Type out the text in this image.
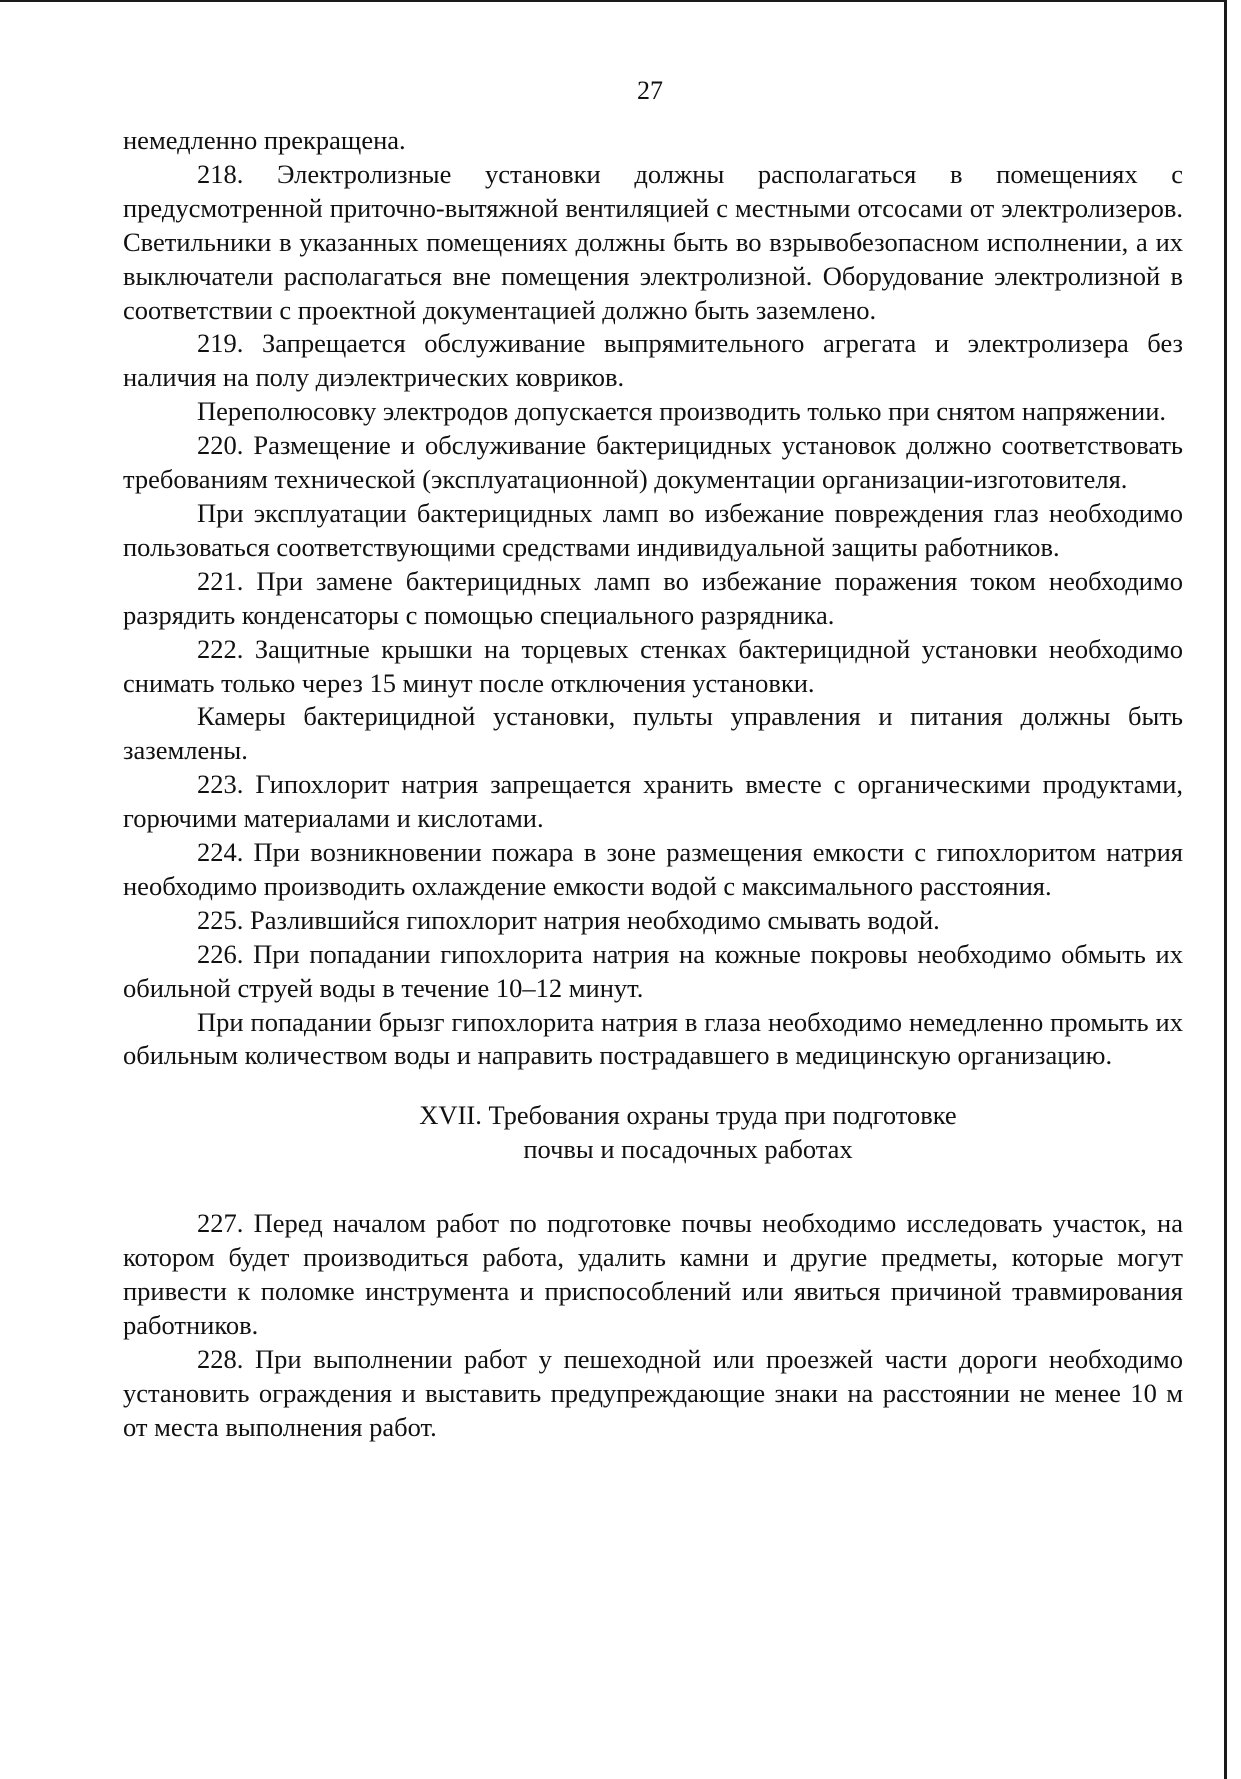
27

немедленно прекращена.

218. Электролизные установки должны располагаться в помещениях с предусмотренной приточно-вытяжной вентиляцией с местными отсосами от электролизеров. Светильники в указанных помещениях должны быть во взрывобезопасном исполнении, а их выключатели располагаться вне помещения электролизной. Оборудование электролизной в соответствии с проектной документацией должно быть заземлено.

219. Запрещается обслуживание выпрямительного агрегата и электролизера без наличия на полу диэлектрических ковриков.

Переполюсовку электродов допускается производить только при снятом напряжении.

220. Размещение и обслуживание бактерицидных установок должно соответствовать требованиям технической (эксплуатационной) документации организации-изготовителя.

При эксплуатации бактерицидных ламп во избежание повреждения глаз необходимо пользоваться соответствующими средствами индивидуальной защиты работников.

221. При замене бактерицидных ламп во избежание поражения током необходимо разрядить конденсаторы с помощью специального разрядника.

222. Защитные крышки на торцевых стенках бактерицидной установки необходимо снимать только через 15 минут после отключения установки.

Камеры бактерицидной установки, пульты управления и питания должны быть заземлены.

223. Гипохлорит натрия запрещается хранить вместе с органическими продуктами, горючими материалами и кислотами.

224. При возникновении пожара в зоне размещения емкости с гипохлоритом натрия необходимо производить охлаждение емкости водой с максимального расстояния.

225. Разлившийся гипохлорит натрия необходимо смывать водой.

226. При попадании гипохлорита натрия на кожные покровы необходимо обмыть их обильной струей воды в течение 10–12 минут.

При попадании брызг гипохлорита натрия в глаза необходимо немедленно промыть их обильным количеством воды и направить пострадавшего в медицинскую организацию.

XVII. Требования охраны труда при подготовке
почвы и посадочных работах

227. Перед началом работ по подготовке почвы необходимо исследовать участок, на котором будет производиться работа, удалить камни и другие предметы, которые могут привести к поломке инструмента и приспособлений или явиться причиной травмирования работников.

228. При выполнении работ у пешеходной или проезжей части дороги необходимо установить ограждения и выставить предупреждающие знаки на расстоянии не менее 10 м от места выполнения работ.
